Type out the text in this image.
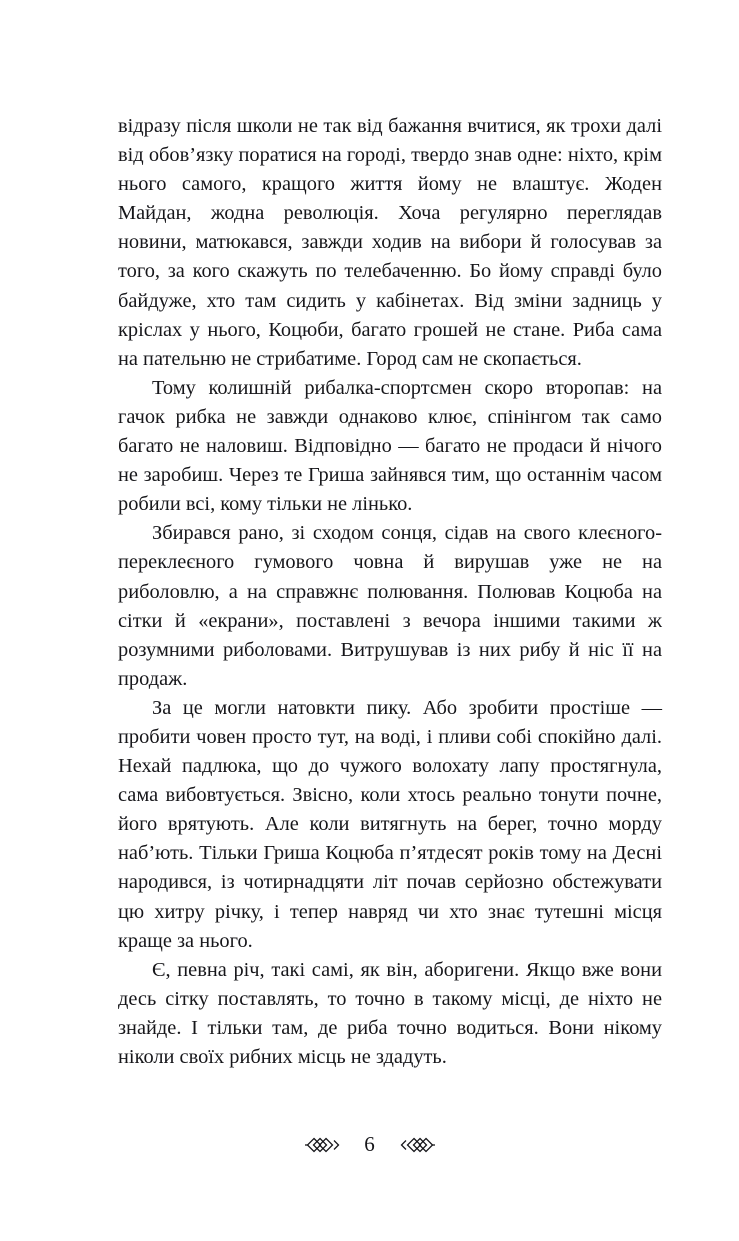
відразу після школи не так від бажання вчитися, як трохи далі від обов’язку поратися на городі, твердо знав одне: ніхто, крім нього самого, кращого життя йому не влаштує. Жоден Майдан, жодна революція. Хоча регулярно переглядав новини, матюкався, завжди ходив на вибори й голосував за того, за кого скажуть по телебаченню. Бо йому справді було байдуже, хто там сидить у кабінетах. Від зміни задниць у кріслах у нього, Коцюби, багато грошей не стане. Риба сама на пательню не стрибатиме. Город сам не скопається.

Тому колишній рибалка-спортсмен скоро второпав: на гачок рибка не завжди однаково клює, спінінгом так само багато не наловиш. Відповідно — багато не продаси й нічого не заробиш. Через те Гриша зайнявся тим, що останнім часом робили всі, кому тільки не лінько.

Збирався рано, зі сходом сонця, сідав на свого клеєного-переклеєного гумового човна й вирушав уже не на риболовлю, а на справжнє полювання. Полював Коцюба на сітки й «екрани», поставлені з вечора іншими такими ж розумними риболовами. Витрушував із них рибу й ніс її на продаж.

За це могли натовкти пику. Або зробити простіше — пробити човен просто тут, на воді, і пливи собі спокійно далі. Нехай падлюка, що до чужого волохату лапу простягнула, сама вибовтується. Звісно, коли хтось реально тонути почне, його врятують. Але коли витягнуть на берег, точно морду наб’ють. Тільки Гриша Коцюба п’ятдесят років тому на Десні народився, із чотирнадцяти літ почав серйозно обстежувати цю хитру річку, і тепер навряд чи хто знає тутешні місця краще за нього.

Є, певна річ, такі самі, як він, аборигени. Якщо вже вони десь сітку поставлять, то точно в такому місці, де ніхто не знайде. І тільки там, де риба точно водиться. Вони нікому ніколи своїх рибних місць не здадуть.

6
